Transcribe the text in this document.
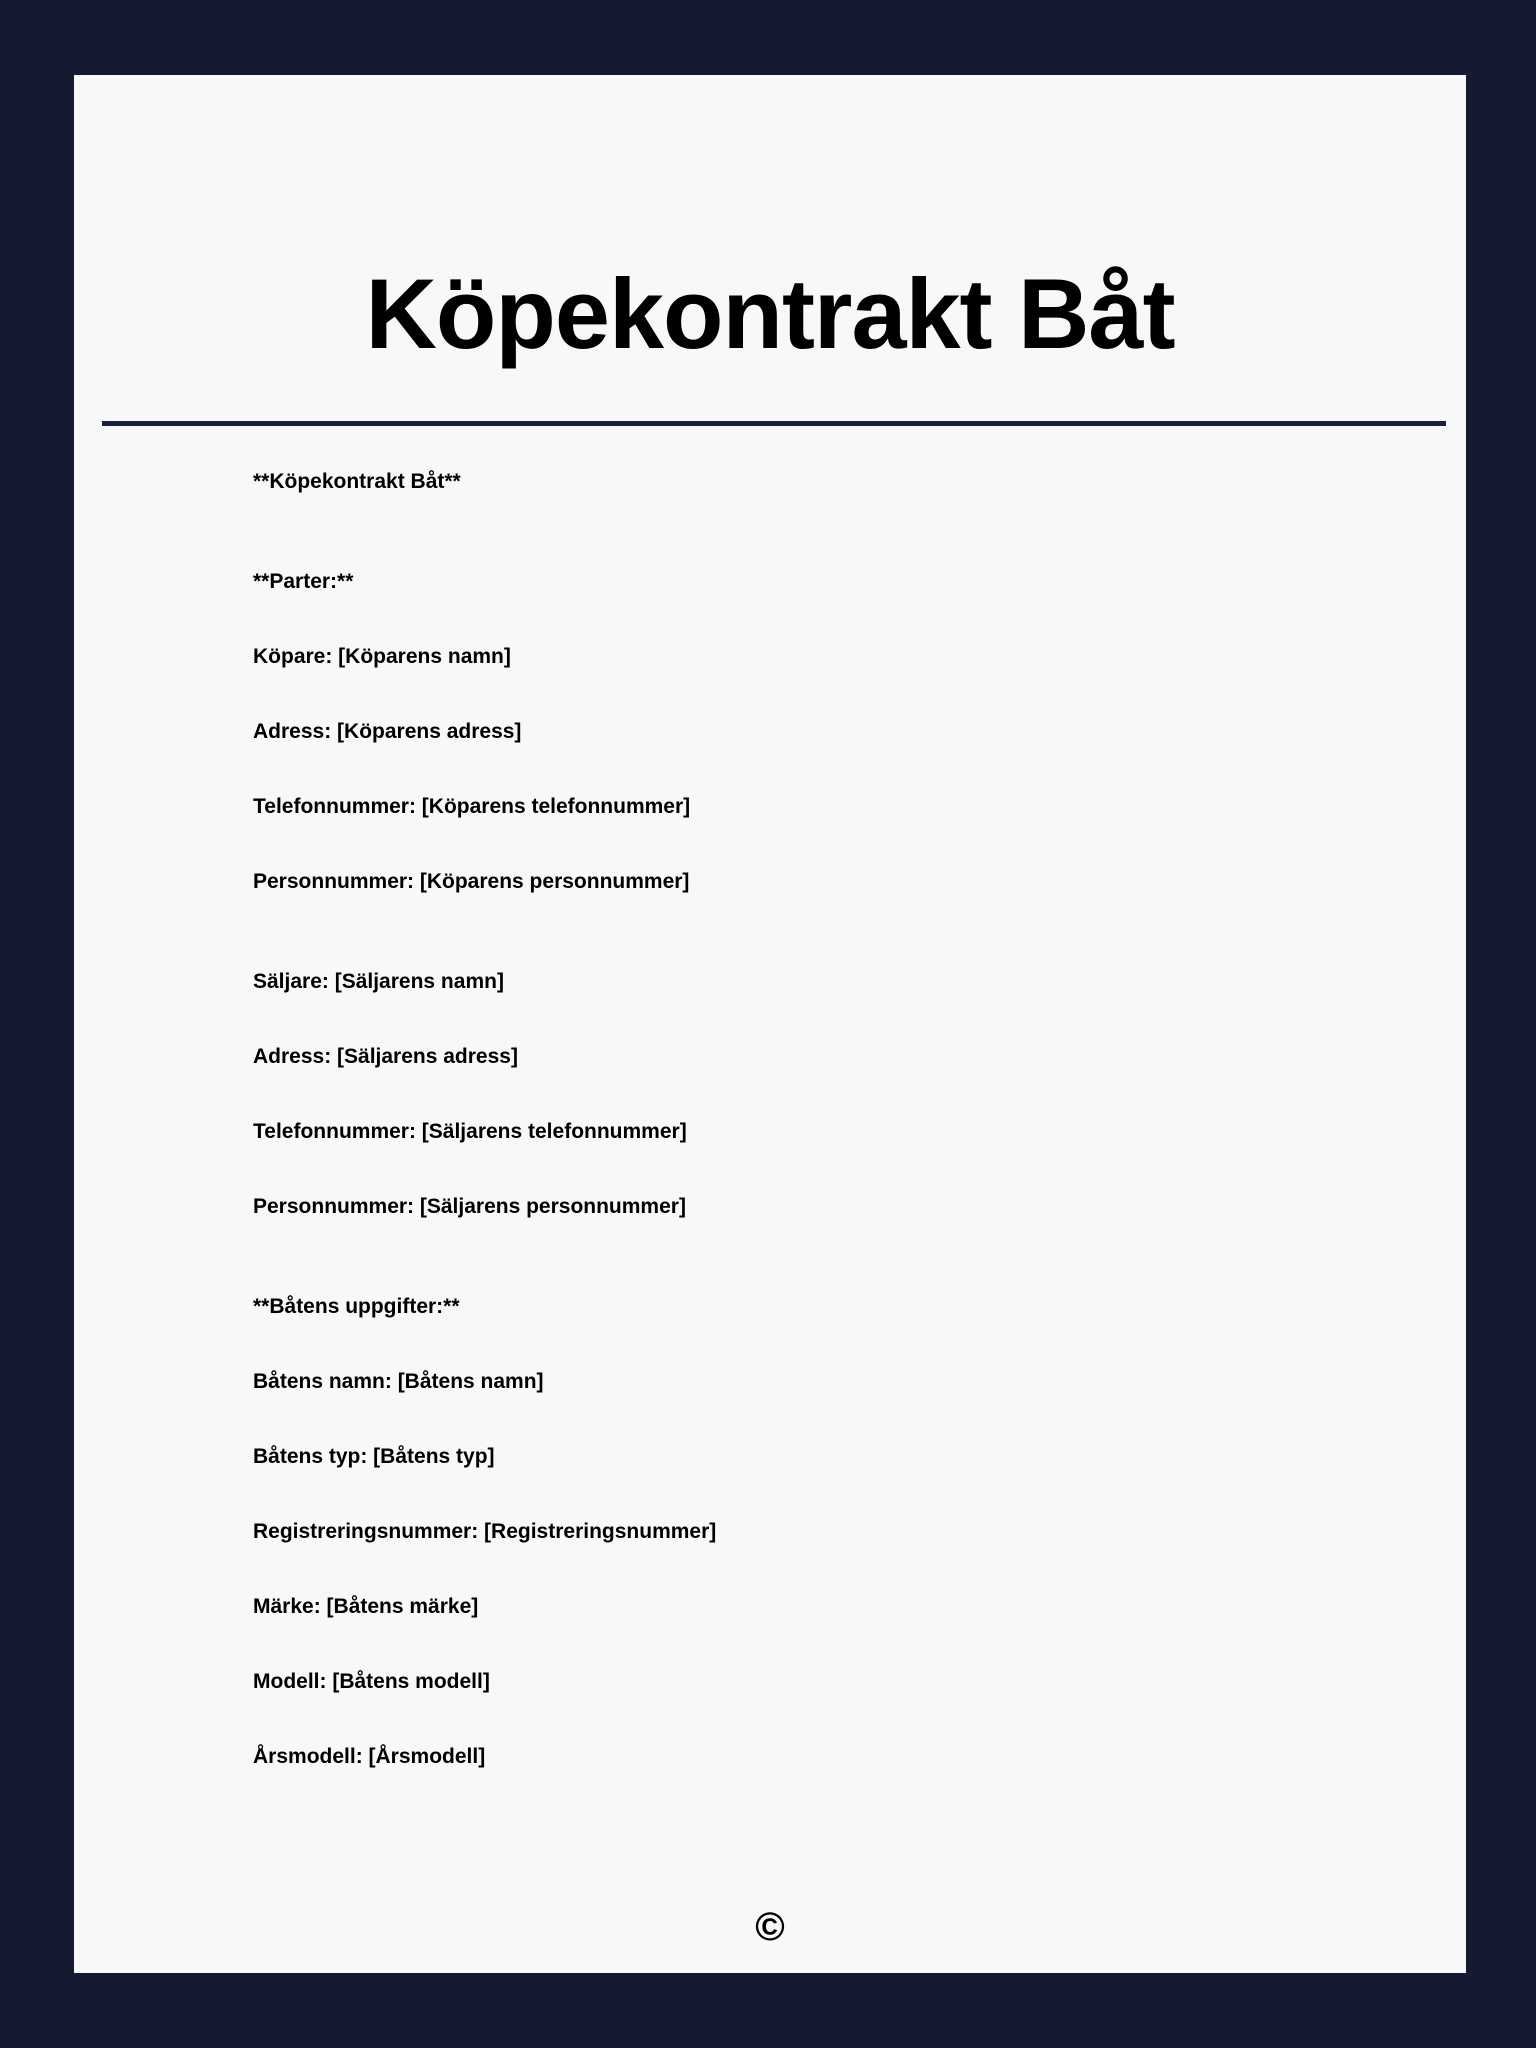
Köpekontrakt Båt
**Köpekontrakt Båt**
**Parter:**
Köpare: [Köparens namn]
Adress: [Köparens adress]
Telefonnummer: [Köparens telefonnummer]
Personnummer: [Köparens personnummer]
Säljare: [Säljarens namn]
Adress: [Säljarens adress]
Telefonnummer: [Säljarens telefonnummer]
Personnummer: [Säljarens personnummer]
**Båtens uppgifter:**
Båtens namn: [Båtens namn]
Båtens typ: [Båtens typ]
Registreringsnummer: [Registreringsnummer]
Märke: [Båtens märke]
Modell: [Båtens modell]
Årsmodell: [Årsmodell]
©
